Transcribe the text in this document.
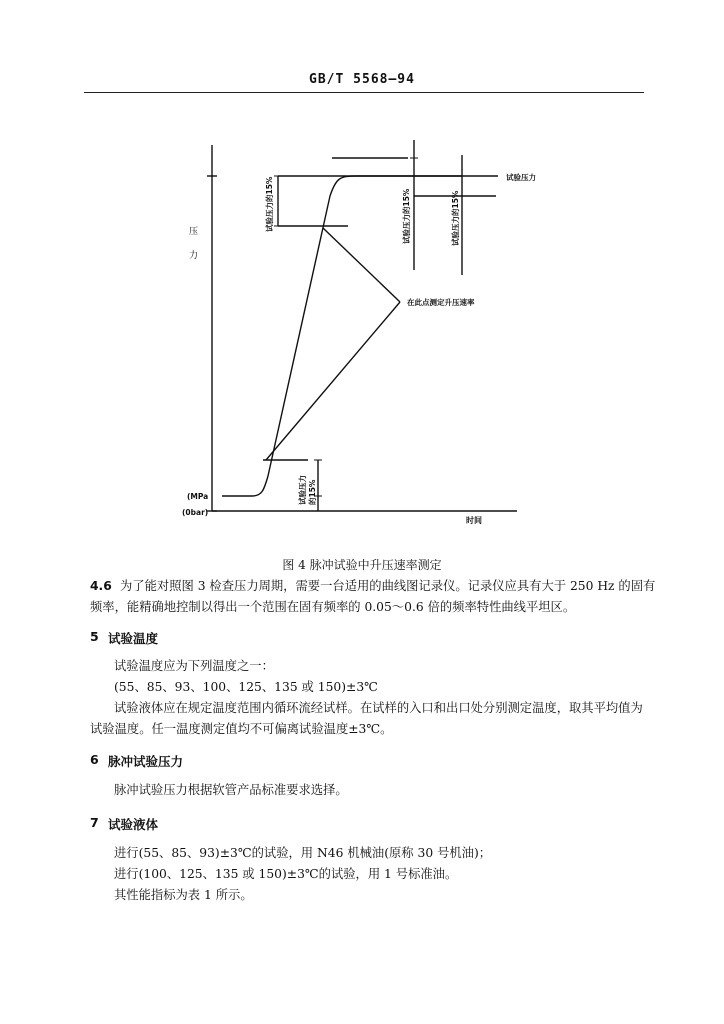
GB/T 5568—94
压
力
(MPa
(0bar)
时间
试验压力
在此点测定升压速率
试验压力的15%	试验压力的15%	试验压力的15%
试验压力 的15%
图 4 脉冲试验中升压速率测定
4.6 为了能对照图 3 检查压力周期，需要一台适用的曲线图记录仪。记录仪应具有大于 250 Hz 的固有
频率，能精确地控制以得出一个范围在固有频率的 0.05～0.6 倍的频率特性曲线平坦区。
5 试验温度
试验温度应为下列温度之一：
(55、85、93、100、125、135 或 150)±3℃
试验液体应在规定温度范围内循环流经试样。在试样的入口和出口处分别测定温度，取其平均值为
试验温度。任一温度测定值均不可偏离试验温度±3℃。
6 脉冲试验压力
脉冲试验压力根据软管产品标准要求选择。
7 试验液体
进行(55、85、93)±3℃的试验，用 N46 机械油(原称 30 号机油)；
进行(100、125、135 或 150)±3℃的试验，用 1 号标准油。
其性能指标为表 1 所示。
